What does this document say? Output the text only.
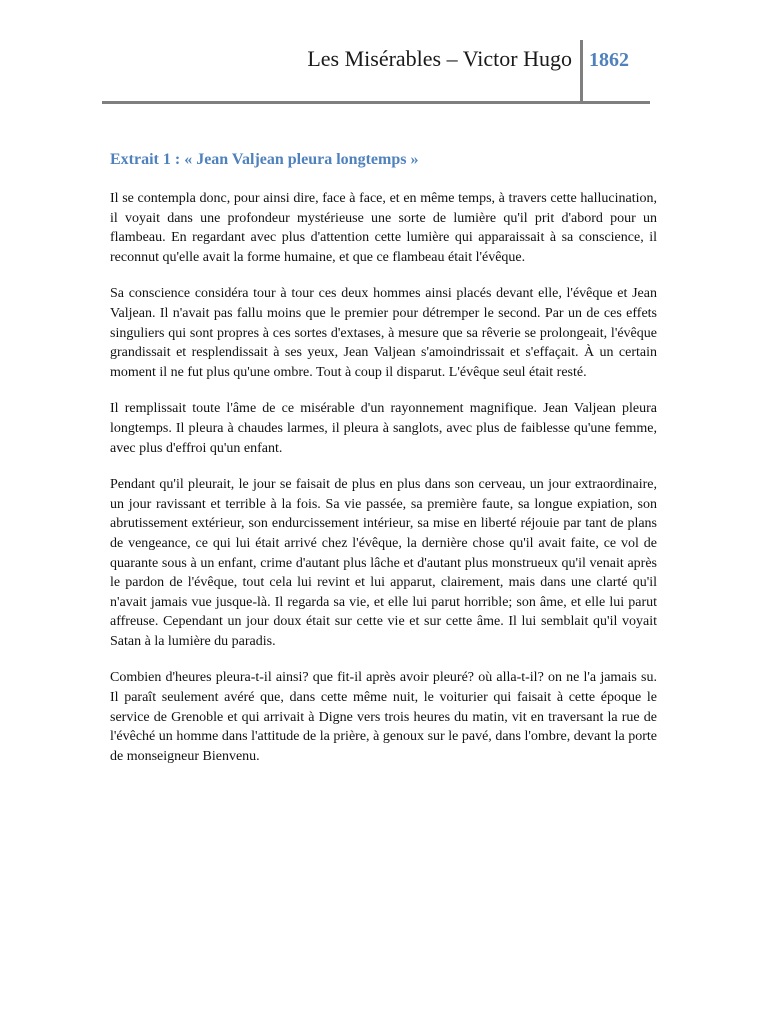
Les Misérables – Victor Hugo 1862
Extrait 1 : « Jean Valjean pleura longtemps »

Il se contempla donc, pour ainsi dire, face à face, et en même temps, à travers cette hallucination, il voyait dans une profondeur mystérieuse une sorte de lumière qu'il prit d'abord pour un flambeau. En regardant avec plus d'attention cette lumière qui apparaissait à sa conscience, il reconnut qu'elle avait la forme humaine, et que ce flambeau était l'évêque.

Sa conscience considéra tour à tour ces deux hommes ainsi placés devant elle, l'évêque et Jean Valjean. Il n'avait pas fallu moins que le premier pour détremper le second. Par un de ces effets singuliers qui sont propres à ces sortes d'extases, à mesure que sa rêverie se prolongeait, l'évêque grandissait et resplendissait à ses yeux, Jean Valjean s'amoindrissait et s'effaçait. À un certain moment il ne fut plus qu'une ombre. Tout à coup il disparut. L'évêque seul était resté.

Il remplissait toute l'âme de ce misérable d'un rayonnement magnifique. Jean Valjean pleura longtemps. Il pleura à chaudes larmes, il pleura à sanglots, avec plus de faiblesse qu'une femme, avec plus d'effroi qu'un enfant.

Pendant qu'il pleurait, le jour se faisait de plus en plus dans son cerveau, un jour extraordinaire, un jour ravissant et terrible à la fois. Sa vie passée, sa première faute, sa longue expiation, son abrutissement extérieur, son endurcissement intérieur, sa mise en liberté réjouie par tant de plans de vengeance, ce qui lui était arrivé chez l'évêque, la dernière chose qu'il avait faite, ce vol de quarante sous à un enfant, crime d'autant plus lâche et d'autant plus monstrueux qu'il venait après le pardon de l'évêque, tout cela lui revint et lui apparut, clairement, mais dans une clarté qu'il n'avait jamais vue jusque-là. Il regarda sa vie, et elle lui parut horrible; son âme, et elle lui parut affreuse. Cependant un jour doux était sur cette vie et sur cette âme. Il lui semblait qu'il voyait Satan à la lumière du paradis.

Combien d'heures pleura-t-il ainsi? que fit-il après avoir pleuré? où alla-t-il? on ne l'a jamais su. Il paraît seulement avéré que, dans cette même nuit, le voiturier qui faisait à cette époque le service de Grenoble et qui arrivait à Digne vers trois heures du matin, vit en traversant la rue de l'évêché un homme dans l'attitude de la prière, à genoux sur le pavé, dans l'ombre, devant la porte de monseigneur Bienvenu.
